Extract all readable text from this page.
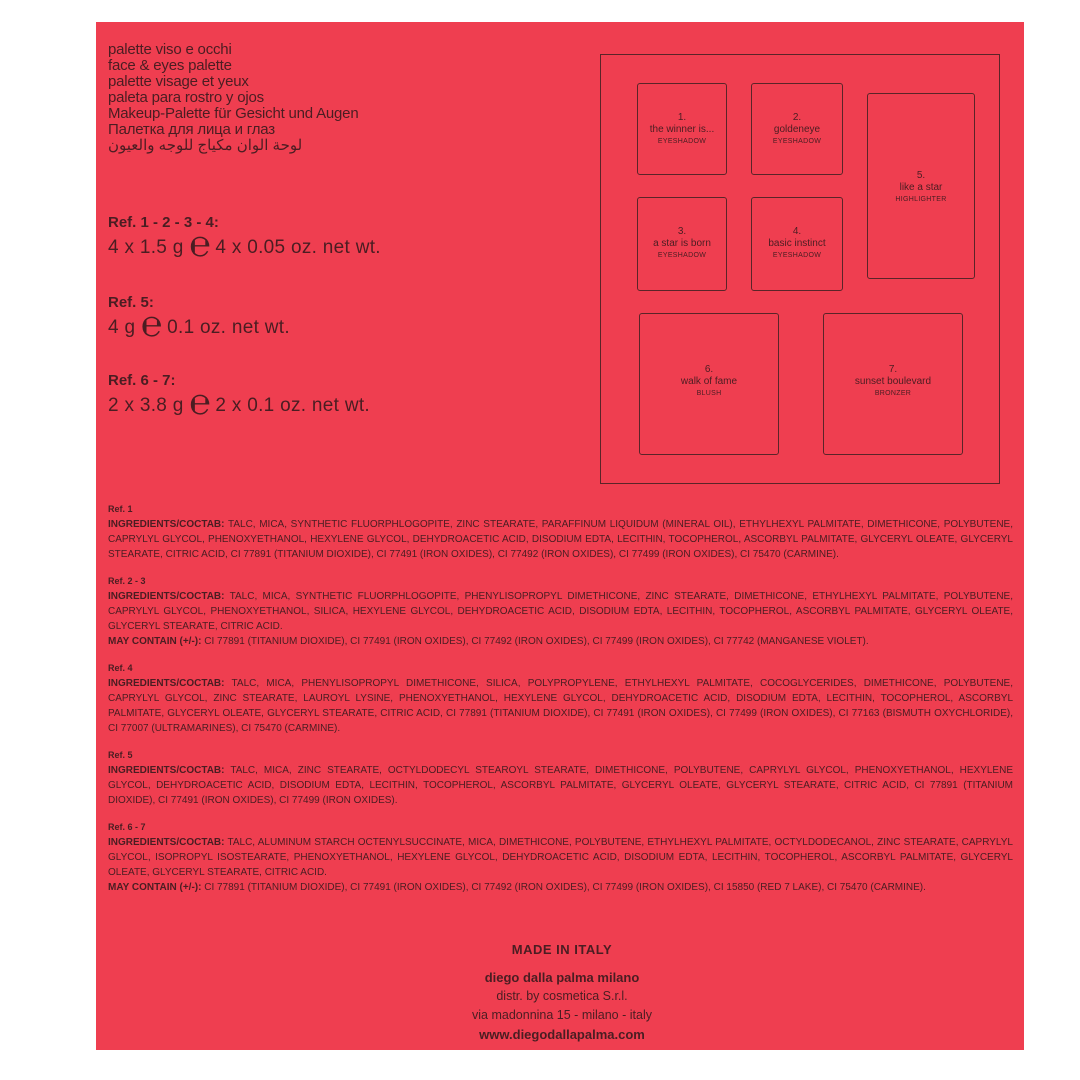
palette viso e occhi
face & eyes palette
palette visage et yeux
paleta para rostro y ojos
Makeup-Palette für Gesicht und Augen
Палетка для лица и глаз
لوحة الوان مكياج للوجه والعيون
Ref. 1 - 2 - 3 - 4:
4 x 1.5 g ℮ 4 x 0.05 oz. net wt.
Ref. 5:
4 g ℮ 0.1 oz. net wt.
Ref. 6 - 7:
2 x 3.8 g ℮ 2 x 0.1 oz. net wt.
1.
the winner is...
EYESHADOW
2.
goldeneye
EYESHADOW
5.
like a star
HIGHLIGHTER
3.
a star is born
EYESHADOW
4.
basic instinct
EYESHADOW
6.
walk of fame
BLUSH
7.
sunset boulevard
BRONZER
Ref. 1

INGREDIENTS/COCTAB: TALC, MICA, SYNTHETIC FLUORPHLOGOPITE, ZINC STEARATE, PARAFFINUM LIQUIDUM (MINERAL OIL), ETHYLHEXYL PALMITATE, DIMETHICONE, POLYBUTENE, CAPRYLYL GLYCOL, PHENOXYETHANOL, HEXYLENE GLYCOL, DEHYDROACETIC ACID, DISODIUM EDTA, LECITHIN, TOCOPHEROL, ASCORBYL PALMITATE, GLYCERYL OLEATE, GLYCERYL STEARATE, CITRIC ACID, CI 77891 (TITANIUM DIOXIDE), CI 77491 (IRON OXIDES), CI 77492 (IRON OXIDES), CI 77499 (IRON OXIDES), CI 75470 (CARMINE).

Ref. 2 - 3

INGREDIENTS/COCTAB: TALC, MICA, SYNTHETIC FLUORPHLOGOPITE, PHENYLISOPROPYL DIMETHICONE, ZINC STEARATE, DIMETHICONE, ETHYLHEXYL PALMITATE, POLYBUTENE, CAPRYLYL GLYCOL, PHENOXYETHANOL, SILICA, HEXYLENE GLYCOL, DEHYDROACETIC ACID, DISODIUM EDTA, LECITHIN, TOCOPHEROL, ASCORBYL PALMITATE, GLYCERYL OLEATE, GLYCERYL STEARATE, CITRIC ACID.

MAY CONTAIN (+/-): CI 77891 (TITANIUM DIOXIDE), CI 77491 (IRON OXIDES), CI 77492 (IRON OXIDES), CI 77499 (IRON OXIDES), CI 77742 (MANGANESE VIOLET).

Ref. 4

INGREDIENTS/COCTAB: TALC, MICA, PHENYLISOPROPYL DIMETHICONE, SILICA, POLYPROPYLENE, ETHYLHEXYL PALMITATE, COCOGLYCERIDES, DIMETHICONE, POLYBUTENE, CAPRYLYL GLYCOL, ZINC STEARATE, LAUROYL LYSINE, PHENOXYETHANOL, HEXYLENE GLYCOL, DEHYDROACETIC ACID, DISODIUM EDTA, LECITHIN, TOCOPHEROL, ASCORBYL PALMITATE, GLYCERYL OLEATE, GLYCERYL STEARATE, CITRIC ACID, CI 77891 (TITANIUM DIOXIDE), CI 77491 (IRON OXIDES), CI 77499 (IRON OXIDES), CI 77163 (BISMUTH OXYCHLORIDE), CI 77007 (ULTRAMARINES), CI 75470 (CARMINE).

Ref. 5

INGREDIENTS/COCTAB: TALC, MICA, ZINC STEARATE, OCTYLDODECYL STEAROYL STEARATE, DIMETHICONE, POLYBUTENE, CAPRYLYL GLYCOL, PHENOXYETHANOL, HEXYLENE GLYCOL, DEHYDROACETIC ACID, DISODIUM EDTA, LECITHIN, TOCOPHEROL, ASCORBYL PALMITATE, GLYCERYL OLEATE, GLYCERYL STEARATE, CITRIC ACID, CI 77891 (TITANIUM DIOXIDE), CI 77491 (IRON OXIDES), CI 77499 (IRON OXIDES).

Ref. 6 - 7

INGREDIENTS/COCTAB: TALC, ALUMINUM STARCH OCTENYLSUCCINATE, MICA, DIMETHICONE, POLYBUTENE, ETHYLHEXYL PALMITATE, OCTYLDODECANOL, ZINC STEARATE, CAPRYLYL GLYCOL, ISOPROPYL ISOSTEARATE, PHENOXYETHANOL, HEXYLENE GLYCOL, DEHYDROACETIC ACID, DISODIUM EDTA, LECITHIN, TOCOPHEROL, ASCORBYL PALMITATE, GLYCERYL OLEATE, GLYCERYL STEARATE, CITRIC ACID.

MAY CONTAIN (+/-): CI 77891 (TITANIUM DIOXIDE), CI 77491 (IRON OXIDES), CI 77492 (IRON OXIDES), CI 77499 (IRON OXIDES), CI 15850 (RED 7 LAKE), CI 75470 (CARMINE).

MADE IN ITALY
diego dalla palma milano
distr. by cosmetica S.r.l.
via madonnina 15 - milano - italy
www.diegodallapalma.com
